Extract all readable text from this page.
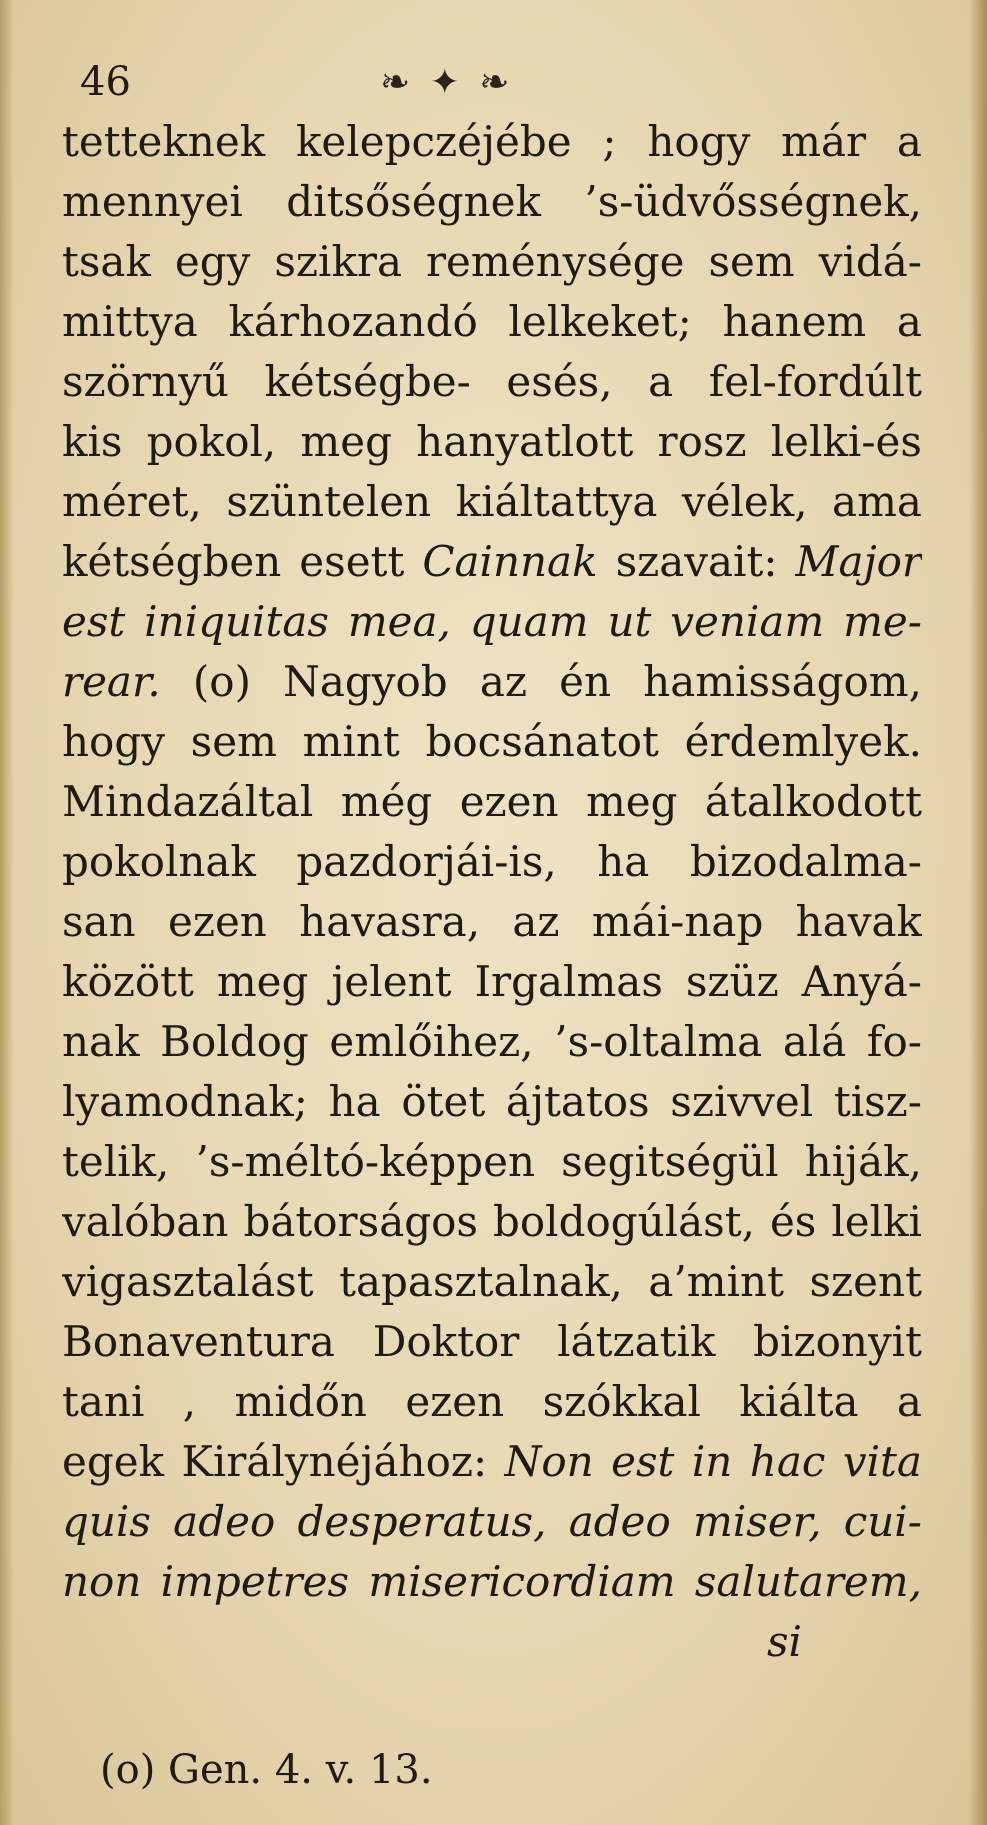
46	❧ ✦ ❧
tetteknek kelepczéjébe ; hogy már a
mennyei ditsőségnek ’s-üdvősségnek,
tsak egy szikra reménysége sem vidá-
mittya kárhozandó lelkeket; hanem a
szörnyű kétségbe- esés, a fel-fordúlt
kis pokol, meg hanyatlott rosz lelki-és
méret, szüntelen kiáltattya vélek, ama
kétségben esett Cainnak szavait: Major
est iniquitas mea, quam ut veniam me-
rear. (o) Nagyob az én hamisságom,
hogy sem mint bocsánatot érdemlyek.
Mindazáltal még ezen meg átalkodott
pokolnak pazdorjái-is, ha bizodalma-
san ezen havasra, az mái-nap havak
között meg jelent Irgalmas szüz Anyá-
nak Boldog emlőihez, ’s-oltalma alá fo-
lyamodnak; ha ötet ájtatos szivvel tisz-
telik, ’s-méltó-képpen segitségül hiják,
valóban bátorságos boldogúlást, és lelki
vigasztalást tapasztalnak, a’mint szent
Bonaventura Doktor látzatik bizonyit
tani , midőn ezen szókkal kiálta a
egek Királynéjához: Non est in hac vita
quis adeo desperatus, adeo miser, cui-
non impetres misericordiam salutarem,
si
(o) Gen. 4. v. 13.
